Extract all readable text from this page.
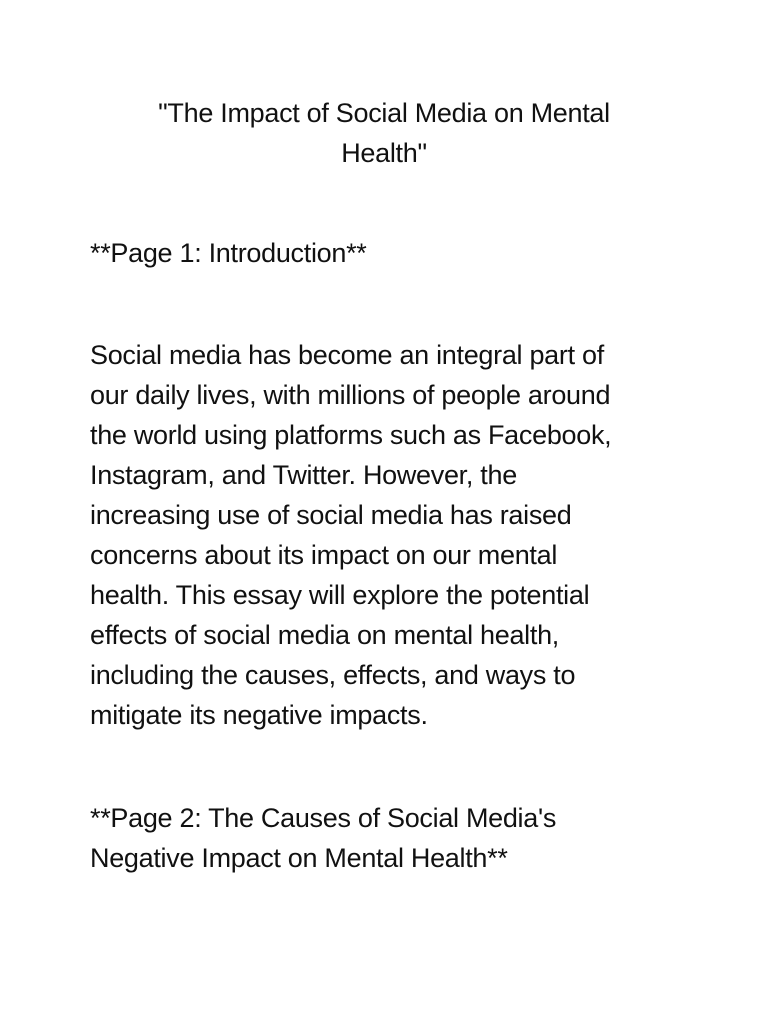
"The Impact of Social Media on Mental
Health"
**Page 1: Introduction**

Social media has become an integral part of
our daily lives, with millions of people around
the world using platforms such as Facebook,
Instagram, and Twitter. However, the
increasing use of social media has raised
concerns about its impact on our mental
health. This essay will explore the potential
effects of social media on mental health,
including the causes, effects, and ways to
mitigate its negative impacts.

**Page 2: The Causes of Social Media's
Negative Impact on Mental Health**
